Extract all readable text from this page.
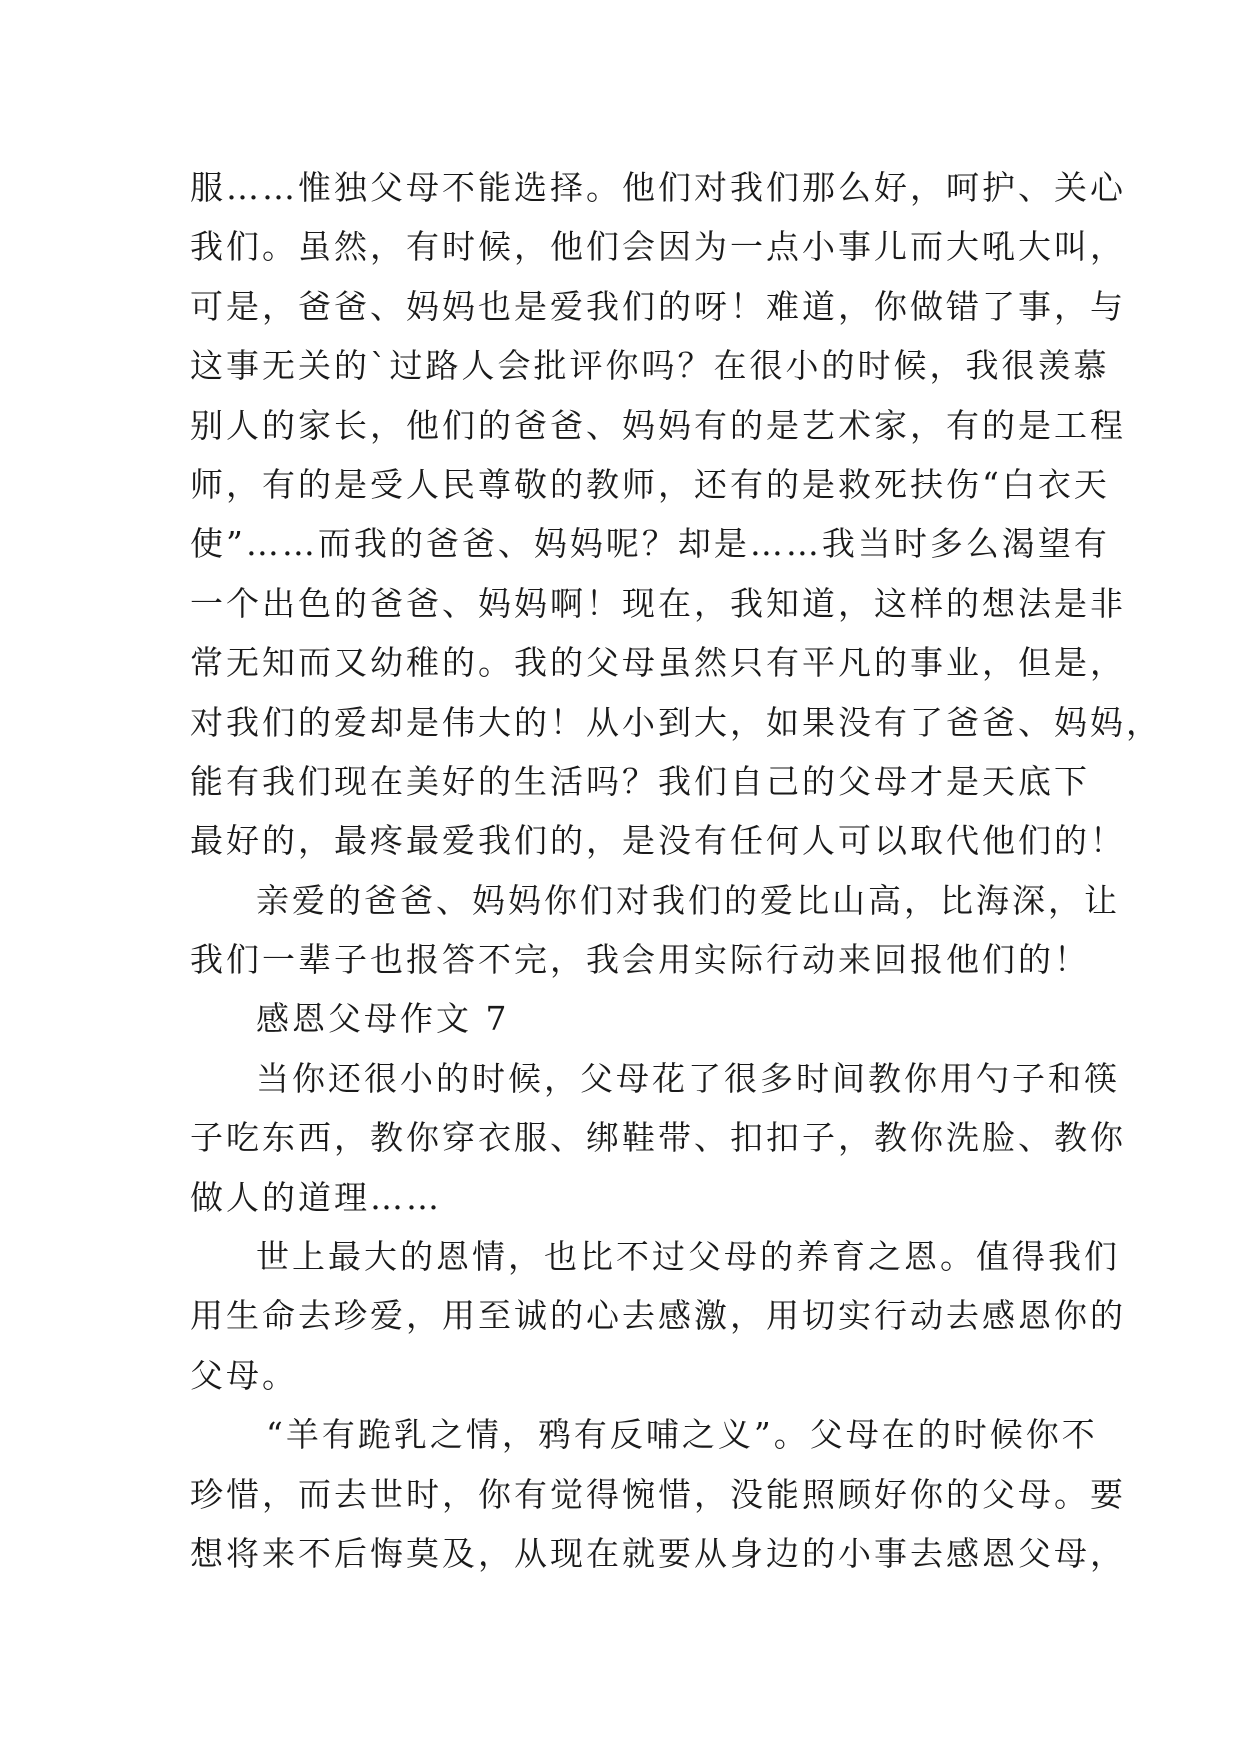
服……惟独父母不能选择。他们对我们那么好，呵护、关心
我们。虽然，有时候，他们会因为一点小事儿而大吼大叫，
可是，爸爸、妈妈也是爱我们的呀！难道，你做错了事，与
这事无关的`过路人会批评你吗？在很小的时候，我很羡慕
别人的家长，他们的爸爸、妈妈有的是艺术家，有的是工程
师，有的是受人民尊敬的教师，还有的是救死扶伤“白衣天
使”……而我的爸爸、妈妈呢？却是……我当时多么渴望有
一个出色的爸爸、妈妈啊！现在，我知道，这样的想法是非
常无知而又幼稚的。我的父母虽然只有平凡的事业，但是，
对我们的爱却是伟大的！从小到大，如果没有了爸爸、妈妈，
能有我们现在美好的生活吗？我们自己的父母才是天底下
最好的，最疼最爱我们的，是没有任何人可以取代他们的！
亲爱的爸爸、妈妈你们对我们的爱比山高，比海深，让
我们一辈子也报答不完，我会用实际行动来回报他们的！
感恩父母作文 7
当你还很小的时候，父母花了很多时间教你用勺子和筷
子吃东西，教你穿衣服、绑鞋带、扣扣子，教你洗脸、教你
做人的道理……
世上最大的恩情，也比不过父母的养育之恩。值得我们
用生命去珍爱，用至诚的心去感激，用切实行动去感恩你的
父母。
“羊有跪乳之情，鸦有反哺之义”。父母在的时候你不
珍惜，而去世时，你有觉得惋惜，没能照顾好你的父母。要
想将来不后悔莫及，从现在就要从身边的小事去感恩父母，
